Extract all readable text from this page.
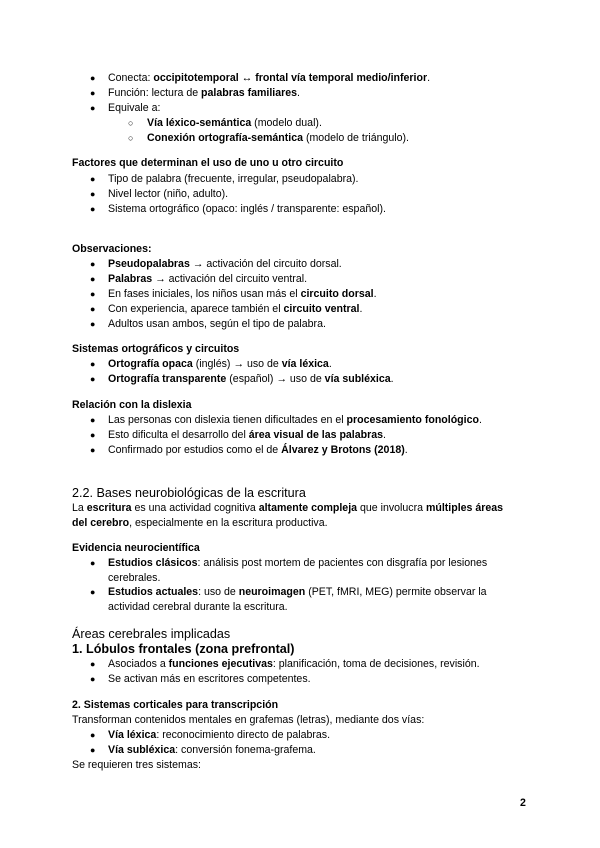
●	Conecta: occipitotemporal ↔ frontal vía temporal medio/inferior.
●	Función: lectura de palabras familiares.
●	Equivale a:
○	Vía léxico-semántica (modelo dual).
○	Conexión ortografía-semántica (modelo de triángulo).
Factores que determinan el uso de uno u otro circuito
●	Tipo de palabra (frecuente, irregular, pseudopalabra).
●	Nivel lector (niño, adulto).
●	Sistema ortográfico (opaco: inglés / transparente: español).
Observaciones:
●	Pseudopalabras → activación del circuito dorsal.
●	Palabras → activación del circuito ventral.
●	En fases iniciales, los niños usan más el circuito dorsal.
●	Con experiencia, aparece también el circuito ventral.
●	Adultos usan ambos, según el tipo de palabra.
Sistemas ortográficos y circuitos
●	Ortografía opaca (inglés) → uso de vía léxica.
●	Ortografía transparente (español) → uso de vía subléxica.
Relación con la dislexia
●	Las personas con dislexia tienen dificultades en el procesamiento fonológico.
●	Esto dificulta el desarrollo del área visual de las palabras.
●	Confirmado por estudios como el de Álvarez y Brotons (2018).
2.2. Bases neurobiológicas de la escritura
La escritura es una actividad cognitiva altamente compleja que involucra múltiples áreas
del cerebro, especialmente en la escritura productiva.
Evidencia neurocientífica
●	Estudios clásicos: análisis post mortem de pacientes con disgrafía por lesiones
cerebrales.
●	Estudios actuales: uso de neuroimagen (PET, fMRI, MEG) permite observar la
actividad cerebral durante la escritura.
Áreas cerebrales implicadas
1. Lóbulos frontales (zona prefrontal)
●	Asociados a funciones ejecutivas: planificación, toma de decisiones, revisión.
●	Se activan más en escritores competentes.
2. Sistemas corticales para transcripción
Transforman contenidos mentales en grafemas (letras), mediante dos vías:
●	Vía léxica: reconocimiento directo de palabras.
●	Vía subléxica: conversión fonema-grafema.
Se requieren tres sistemas:
2
